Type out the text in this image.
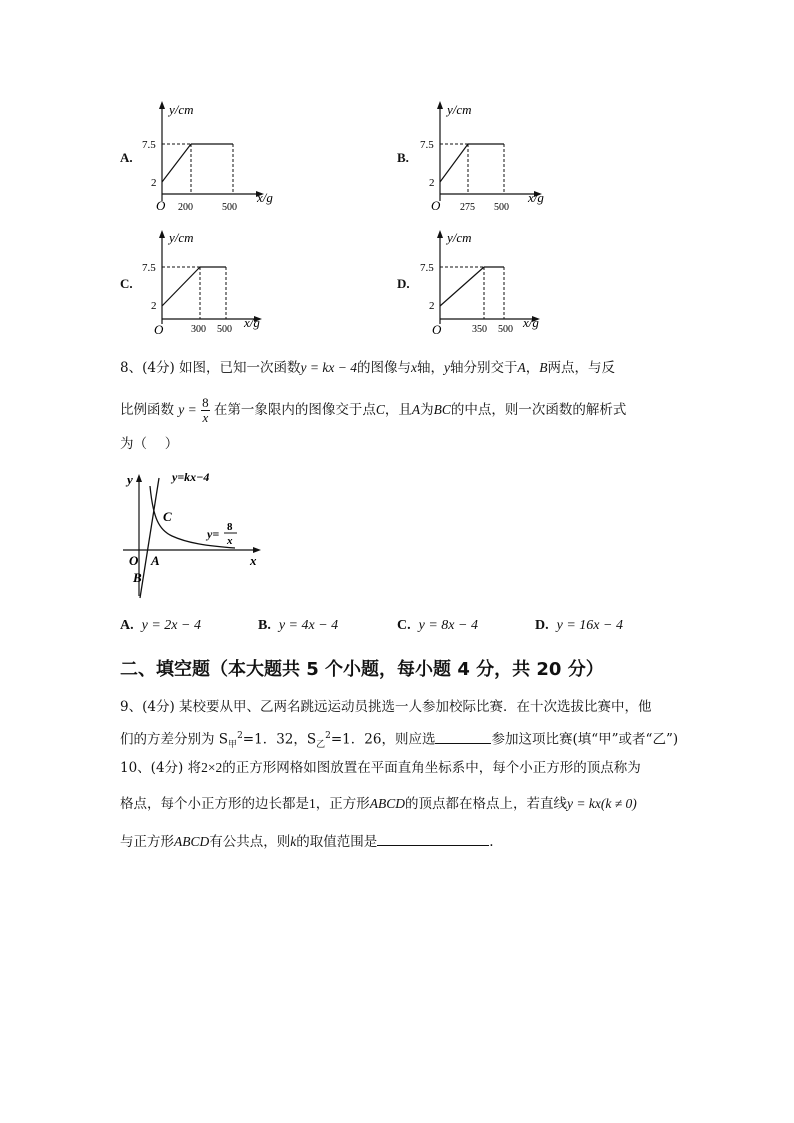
A.	B.
C.	D.
y/cm
7.5
2
O 200	500
x/g
y/cm
7.5
2
O 275 500
x/g
y/cm
7.5
2
O	300 500 x/g
y/cm
7.5
2
O	350 500 x/g
8、(4分) 如图，已知一次函数y = kx − 4的图像与x轴，y轴分别交于A，B两点，与反
比例函数 $y = \frac{8}{x}$ 在第一象限内的图像交于点C，且A为BC的中点，则一次函数的解析式
为（　 ）
y
x
O A
B
C
y=kx−4
y= 8
x
A. y = 2x − 4	B. y = 4x − 4	C. y = 8x − 4	D. y = 16x − 4
二、填空题（本大题共 5 个小题，每小题 4 分，共 20 分）
9、(4分) 某校要从甲、乙两名跳远运动员挑选一人参加校际比赛．在十次选拔比赛中，他
们的方差分别为 $S_甲^2=1$．32，$S_乙^2=1$．26，则应选	参加这项比赛(填“甲”或者“乙”)
10、(4分) 将2×2的正方形网格如图放置在平面直角坐标系中，每个小正方形的顶点称为
格点，每个小正方形的边长都是1，正方形ABCD的顶点都在格点上，若直线y = kx(k ≠ 0)
与正方形ABCD有公共点，则k的取值范围是	.
